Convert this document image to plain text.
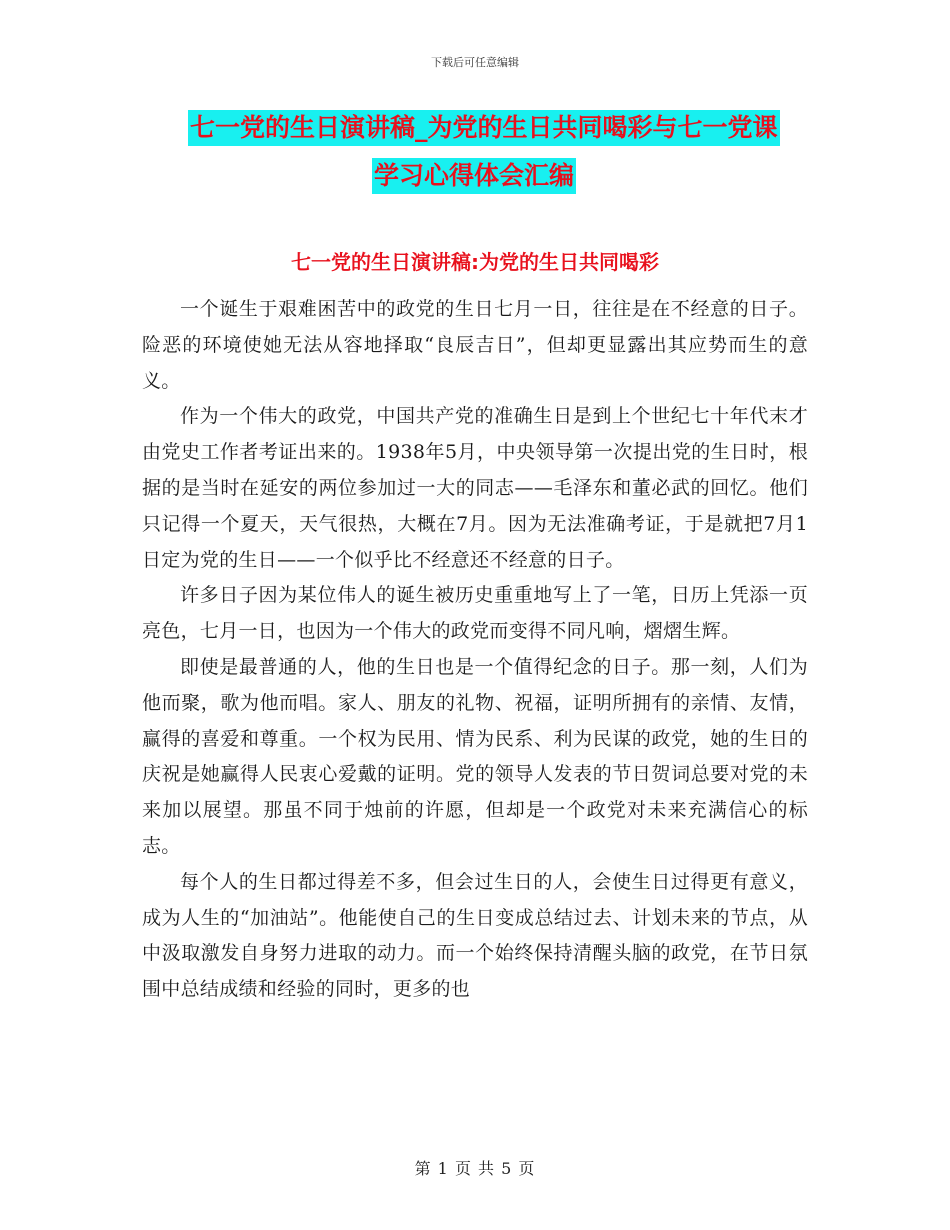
下载后可任意编辑
七一党的生日演讲稿_为党的生日共同喝彩与七一党课
学习心得体会汇编
七一党的生日演讲稿:为党的生日共同喝彩

一个诞生于艰难困苦中的政党的生日七月一日，往往是在不经意的日子。险恶的环境使她无法从容地择取“良辰吉日”，但却更显露出其应势而生的意义。

作为一个伟大的政党，中国共产党的准确生日是到上个世纪七十年代末才由党史工作者考证出来的。1938年5月，中央领导第一次提出党的生日时，根据的是当时在延安的两位参加过一大的同志——毛泽东和董必武的回忆。他们只记得一个夏天，天气很热，大概在7月。因为无法准确考证，于是就把7月1日定为党的生日——一个似乎比不经意还不经意的日子。

许多日子因为某位伟人的诞生被历史重重地写上了一笔，日历上凭添一页亮色，七月一日，也因为一个伟大的政党而变得不同凡响，熠熠生辉。

即使是最普通的人，他的生日也是一个值得纪念的日子。那一刻，人们为他而聚，歌为他而唱。家人、朋友的礼物、祝福，证明所拥有的亲情、友情，赢得的喜爱和尊重。一个权为民用、情为民系、利为民谋的政党，她的生日的庆祝是她赢得人民衷心爱戴的证明。党的领导人发表的节日贺词总要对党的未来加以展望。那虽不同于烛前的许愿，但却是一个政党对未来充满信心的标志。

每个人的生日都过得差不多，但会过生日的人，会使生日过得更有意义，成为人生的“加油站”。他能使自己的生日变成总结过去、计划未来的节点，从中汲取激发自身努力进取的动力。而一个始终保持清醒头脑的政党，在节日氛围中总结成绩和经验的同时，更多的也

第 1 页 共 5 页
